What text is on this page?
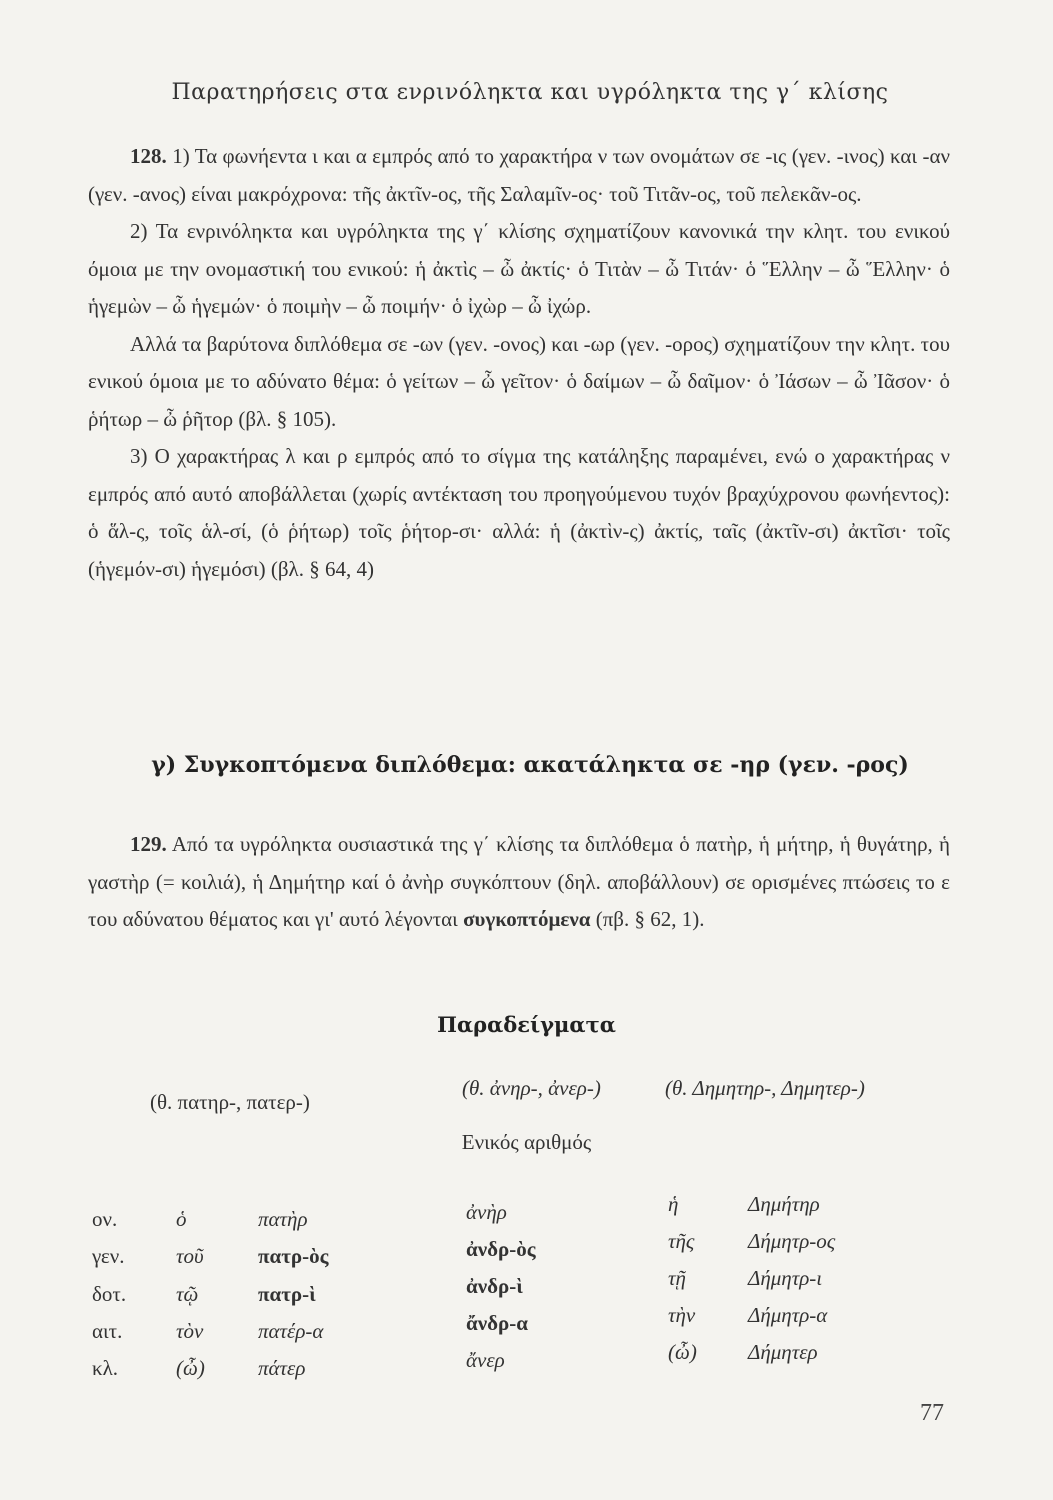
Παρατηρήσεις στα ενρινόληκτα και υγρόληκτα της γ΄ κλίσης

128. 1) Τα φωνήεντα ι και α εμπρός από το χαρακτήρα ν των ονομάτων σε -ις (γεν. -ινος) και -αν (γεν. -ανος) είναι μακρόχρονα: τῆς ἀκτῖν-ος, τῆς Σαλαμῖν-ος· τοῦ Τιτᾶν-ος, τοῦ πελεκᾶν-ος.

2) Τα ενρινόληκτα και υγρόληκτα της γ΄ κλίσης σχηματίζουν κανονικά την κλητ. του ενικού όμοια με την ονομαστική του ενικού: ἡ ἀκτὶς – ὦ ἀκτίς· ὁ Τιτὰν – ὦ Τιτάν· ὁ Ἕλλην – ὦ Ἕλλην· ὁ ἡγεμὼν – ὦ ἡγεμών· ὁ ποιμὴν – ὦ ποιμήν· ὁ ἰχὼρ – ὦ ἰχώρ.

Αλλά τα βαρύτονα διπλόθεμα σε -ων (γεν. -ονος) και -ωρ (γεν. -ορος) σχηματίζουν την κλητ. του ενικού όμοια με το αδύνατο θέμα: ὁ γείτων – ὦ γεῖτον· ὁ δαίμων – ὦ δαῖμον· ὁ Ἰάσων – ὦ Ἰᾶσον· ὁ ῥήτωρ – ὦ ῥῆτορ (βλ. § 105).

3) Ο χαρακτήρας λ και ρ εμπρός από το σίγμα της κατάληξης παραμένει, ενώ ο χαρακτήρας ν εμπρός από αυτό αποβάλλεται (χωρίς αντέκταση του προηγούμενου τυχόν βραχύχρονου φωνήεντος): ὁ ἅλ-ς, τοῖς ἁλ-σί, (ὁ ῥήτωρ) τοῖς ῥήτορ-σι· αλλά: ἡ (ἀκτὶν-ς) ἀκτίς, ταῖς (ἀκτῖν-σι) ἀκτῖσι· τοῖς (ἡγεμόν-σι) ἡγεμόσι) (βλ. § 64, 4)

γ) Συγκοπτόμενα διπλόθεμα: ακατάληκτα σε -ηρ (γεν. -ρος)

129. Από τα υγρόληκτα ουσιαστικά της γ΄ κλίσης τα διπλόθεμα ὁ πατὴρ, ἡ μήτηρ, ἡ θυγάτηρ, ἡ γαστὴρ (= κοιλιά), ἡ Δημήτηρ καί ὁ ἀνὴρ συγκόπτουν (δηλ. αποβάλλουν) σε ορισμένες πτώσεις το ε του αδύνατου θέματος και γι' αυτό λέγονται συγκοπτόμενα (πβ. § 62, 1).

Παραδείγματα
(θ. πατηρ-, πατερ-)
(θ. ἀνηρ-, ἀνερ-)	(θ. Δημητηρ-, Δημητερ-)
Ενικός αριθμός
ον.	ὁ	πατὴρ	ἀνὴρ	ἡ	Δημήτηρ
γεν. τοῦ	πατρ-ὸς	ἀνδρ-ὸς	τῆς	Δήμητρ-ος
δοτ. τῷ	πατρ-ὶ	ἀνδρ-ὶ	τῇ	Δήμητρ-ι
αιτ.	τὸν	πατέρ-α	ἄνδρ-α	τὴν	Δήμητρ-α
κλ.	(ὦ)	πάτερ	ἄνερ	(ὦ) Δήμητερ
77
